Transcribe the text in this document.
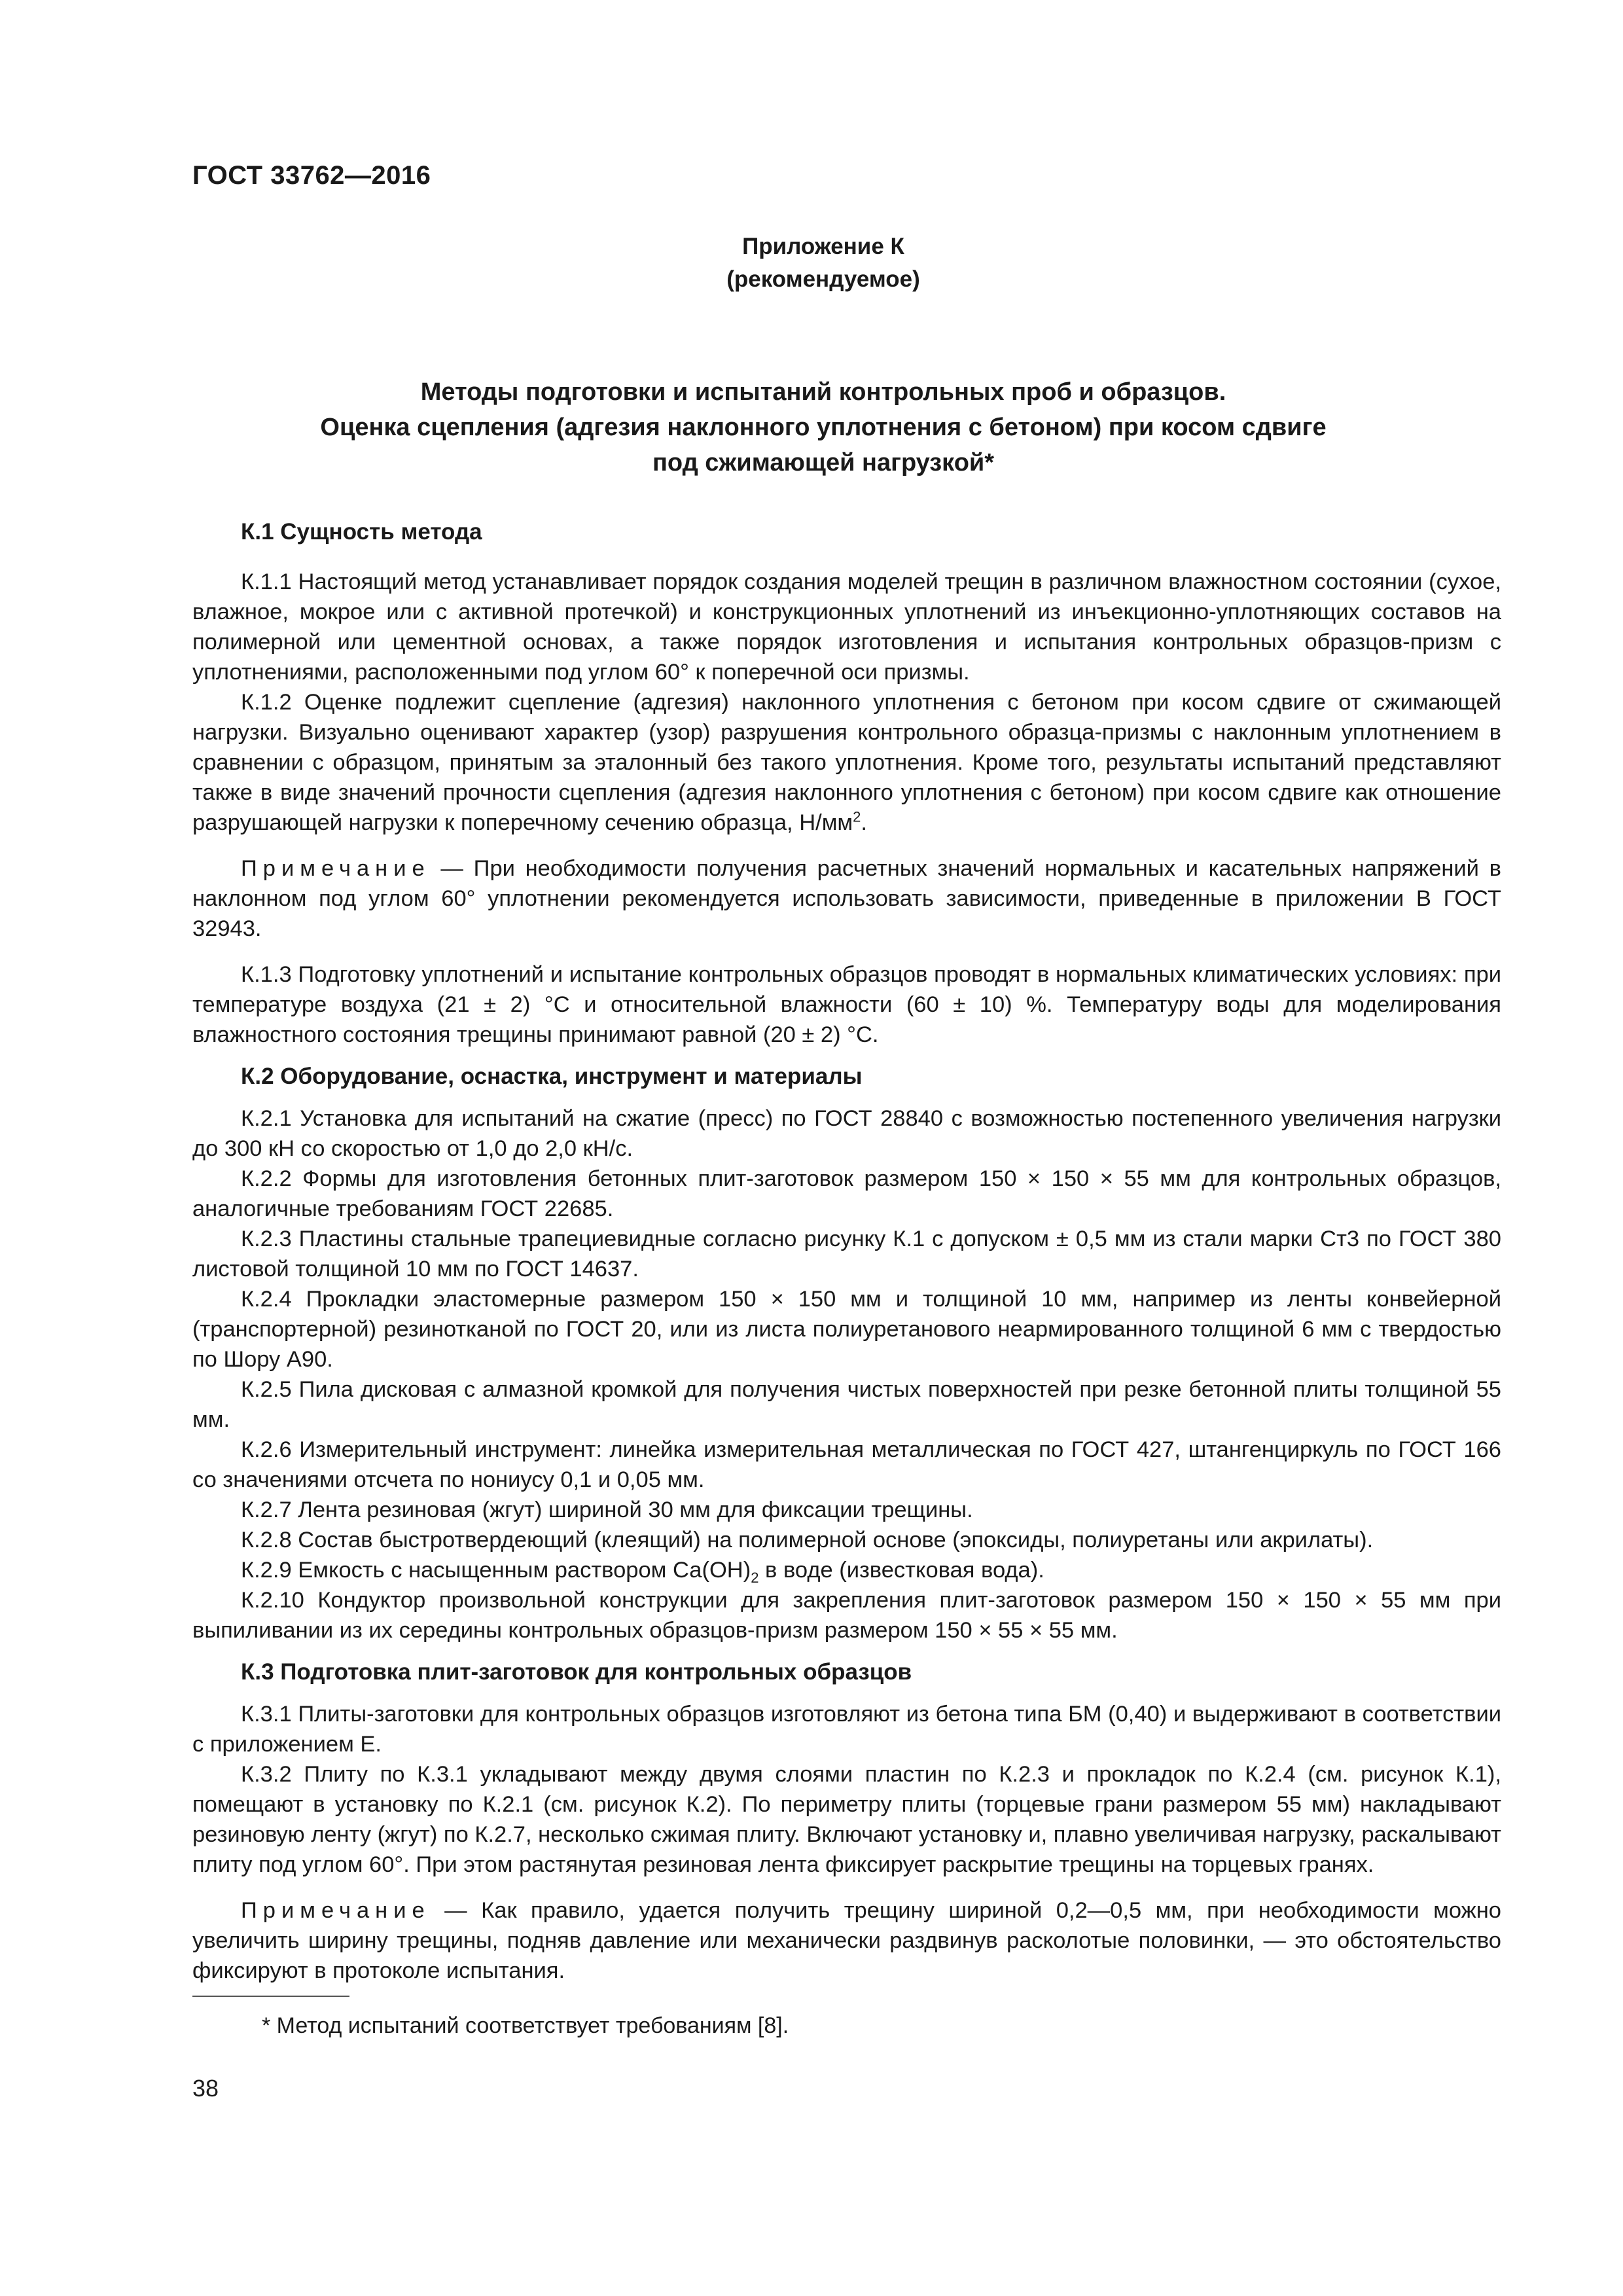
ГОСТ 33762—2016
Приложение К
(рекомендуемое)
Методы подготовки и испытаний контрольных проб и образцов.
Оценка сцепления (адгезия наклонного уплотнения с бетоном) при косом сдвиге
под сжимающей нагрузкой*
К.1 Сущность метода

К.1.1 Настоящий метод устанавливает порядок создания моделей трещин в различном влажностном состоянии (сухое, влажное, мокрое или с активной протечкой) и конструкционных уплотнений из инъекционно-уплотняющих составов на полимерной или цементной основах, а также порядок изготовления и испытания контрольных образцов-призм с уплотнениями, расположенными под углом 60° к поперечной оси призмы.

К.1.2 Оценке подлежит сцепление (адгезия) наклонного уплотнения с бетоном при косом сдвиге от сжимающей нагрузки. Визуально оценивают характер (узор) разрушения контрольного образца-призмы с наклонным уплотнением в сравнении с образцом, принятым за эталонный без такого уплотнения. Кроме того, результаты испытаний представляют также в виде значений прочности сцепления (адгезия наклонного уплотнения с бетоном) при косом сдвиге как отношение разрушающей нагрузки к поперечному сечению образца, $Н/мм^2$.

Примечание — При необходимости получения расчетных значений нормальных и касательных напряжений в наклонном под углом 60° уплотнении рекомендуется использовать зависимости, приведенные в приложении В ГОСТ 32943.

К.1.3 Подготовку уплотнений и испытание контрольных образцов проводят в нормальных климатических условиях: при температуре воздуха (21 ± 2) °С и относительной влажности (60 ± 10) %. Температуру воды для моделирования влажностного состояния трещины принимают равной (20 ± 2) °С.

К.2 Оборудование, оснастка, инструмент и материалы

К.2.1 Установка для испытаний на сжатие (пресс) по ГОСТ 28840 с возможностью постепенного увеличения нагрузки до 300 кН со скоростью от 1,0 до 2,0 кН/с.

К.2.2 Формы для изготовления бетонных плит-заготовок размером 150 × 150 × 55 мм для контрольных образцов, аналогичные требованиям ГОСТ 22685.

К.2.3 Пластины стальные трапециевидные согласно рисунку К.1 с допуском ± 0,5 мм из стали марки Ст3 по ГОСТ 380 листовой толщиной 10 мм по ГОСТ 14637.

К.2.4 Прокладки эластомерные размером 150 × 150 мм и толщиной 10 мм, например из ленты конвейерной (транспортерной) резинотканой по ГОСТ 20, или из листа полиуретанового неармированного толщиной 6 мм с твердостью по Шору А90.

К.2.5 Пила дисковая с алмазной кромкой для получения чистых поверхностей при резке бетонной плиты толщиной 55 мм.

К.2.6 Измерительный инструмент: линейка измерительная металлическая по ГОСТ 427, штангенциркуль по ГОСТ 166 со значениями отсчета по нониусу 0,1 и 0,05 мм.

К.2.7 Лента резиновая (жгут) шириной 30 мм для фиксации трещины.

К.2.8 Состав быстротвердеющий (клеящий) на полимерной основе (эпоксиды, полиуретаны или акрилаты).

К.2.9 Емкость с насыщенным раствором $Са(ОН)_2$ в воде (известковая вода).

К.2.10 Кондуктор произвольной конструкции для закрепления плит-заготовок размером 150 × 150 × 55 мм при выпиливании из их середины контрольных образцов-призм размером 150 × 55 × 55 мм.

К.3 Подготовка плит-заготовок для контрольных образцов

К.3.1 Плиты-заготовки для контрольных образцов изготовляют из бетона типа БМ (0,40) и выдерживают в соответствии с приложением Е.

К.3.2 Плиту по К.3.1 укладывают между двумя слоями пластин по К.2.3 и прокладок по К.2.4 (см. рисунок К.1), помещают в установку по К.2.1 (см. рисунок К.2). По периметру плиты (торцевые грани размером 55 мм) накладывают резиновую ленту (жгут) по К.2.7, несколько сжимая плиту. Включают установку и, плавно увеличивая нагрузку, раскалывают плиту под углом 60°. При этом растянутая резиновая лента фиксирует раскрытие трещины на торцевых гранях.

Примечание — Как правило, удается получить трещину шириной 0,2—0,5 мм, при необходимости можно увеличить ширину трещины, подняв давление или механически раздвинув расколотые половинки, — это обстоятельство фиксируют в протоколе испытания.

* Метод испытаний соответствует требованиям [8].
38
